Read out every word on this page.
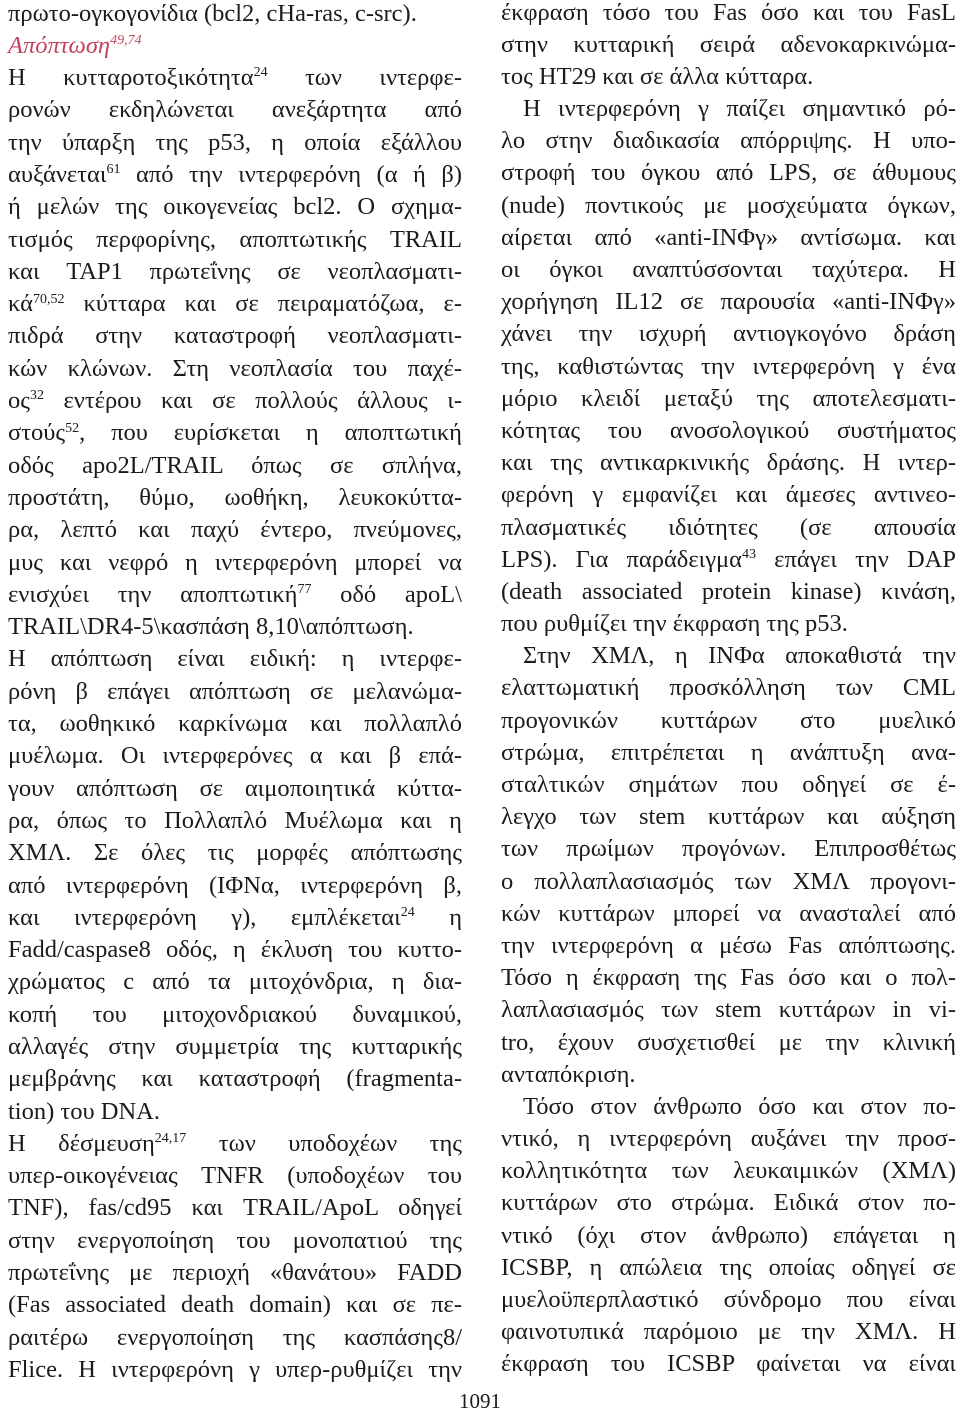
πρωτο-ογκογονίδια (bcl2, cHa-ras, c-src).
Απόπτωση$^{49,74}$
Η κυτταροτοξικότητα$^{24}$ των ιντερφε-
ρονών εκδηλώνεται ανεξάρτητα από
την ύπαρξη της p53, η οποία εξάλλου
αυξάνεται$^{61}$ από την ιντερφερόνη (α ή β)
ή μελών της οικογενείας bcl2. Ο σχημα-
τισμός περφορίνης, αποπτωτικής TRAIL
και TAP1 πρωτεΐνης σε νεοπλασματι-
κά$^{70,52}$ κύτταρα και σε πειραματόζωα, ε-
πιδρά στην καταστροφή νεοπλασματι-
κών κλώνων. Στη νεοπλασία του παχέ-
$o\varsigma^{32}$ εντέρου και σε πολλούς άλλους ι-
στούς$^{52}$, που ευρίσκεται η αποπτωτική
οδός apo2L/TRAIL όπως σε σπλήνα,
προστάτη, θύμο, ωοθήκη, λευκοκύττα-
ρα, λεπτό και παχύ έντερο, πνεύμονες,
μυς και νεφρό η ιντερφερόνη μπορεί να
ενισχύει την αποπτωτική$^{77}$ οδό apoL\
TRAIL\DR4-5\κασπάση 8,10\απόπτωση.
Η απόπτωση είναι ειδική: η ιντερφε-
ρόνη β επάγει απόπτωση σε μελανώμα-
τα, ωοθηκικό καρκίνωμα και πολλαπλό
μυέλωμα. Οι ιντερφερόνες α και β επά-
γουν απόπτωση σε αιμοποιητικά κύττα-
ρα, όπως το Πολλαπλό Μυέλωμα και η
ΧΜΛ. Σε όλες τις μορφές απόπτωσης
από ιντερφερόνη (ΙΦΝα, ιντερφερόνη β,
και ιντερφερόνη γ), εμπλέκεται$^{24}$ η
Fadd/caspase8 οδός, η έκλυση του κυττο-
χρώματος c από τα μιτοχόνδρια, η δια-
κοπή του μιτοχονδριακού δυναμικού,
αλλαγές στην συμμετρία της κυτταρικής
μεμβράνης και καταστροφή (fragmenta-
tion) του DNA.
Η δέσμευση$^{24,17}$ των υποδοχέων της
υπερ-οικογένειας TNFR (υποδοχέων του
TNF), fas/cd95 και TRAIL/ApoL οδηγεί
στην ενεργοποίηση του μονοπατιού της
πρωτεΐνης με περιοχή «θανάτου» FADD
(Fas associated death domain) και σε πε-
ραιτέρω ενεργοποίηση της κασπάσης8/
Flice. Η ιντερφερόνη γ υπερ-ρυθμίζει την
έκφραση τόσο του Fas όσο και του FasL
στην κυτταρική σειρά αδενοκαρκινώμα-
τος HT29 και σε άλλα κύτταρα.
Η ιντερφερόνη γ παίζει σημαντικό ρό-
λο στην διαδικασία απόρριψης. Η υπο-
στροφή του όγκου από LPS, σε άθυμους
(nude) ποντικούς με μοσχεύματα όγκων,
αίρεται από «anti-ΙΝΦγ» αντίσωμα. και
οι όγκοι αναπτύσσονται ταχύτερα. Η
χορήγηση IL12 σε παρουσία «anti-ΙΝΦγ»
χάνει την ισχυρή αντιογκογόνο δράση
της, καθιστώντας την ιντερφερόνη γ ένα
μόριο κλειδί μεταξύ της αποτελεσματι-
κότητας του ανοσολογικού συστήματος
και της αντικαρκινικής δράσης. Η ιντερ-
φερόνη γ εμφανίζει και άμεσες αντινεο-
πλασματικές ιδιότητες (σε απουσία
LPS). Για παράδειγμα$^{43}$ επάγει την DAP
(death associated protein kinase) κινάση,
που ρυθμίζει την έκφραση της p53.
Στην ΧΜΛ, η ΙΝΦα αποκαθιστά την
ελαττωματική προσκόλληση των CML
προγονικών κυττάρων στο μυελικό
στρώμα, επιτρέπεται η ανάπτυξη ανα-
σταλτικών σημάτων που οδηγεί σε έ-
λεγχο των stem κυττάρων και αύξηση
των πρωίμων προγόνων. Επιπροσθέτως
ο πολλαπλασιασμός των ΧΜΛ προγονι-
κών κυττάρων μπορεί να ανασταλεί από
την ιντερφερόνη α μέσω Fas απόπτωσης.
Τόσο η έκφραση της Fas όσο και ο πολ-
λαπλασιασμός των stem κυττάρων in vi-
tro, έχουν συσχετισθεί με την κλινική
ανταπόκριση.
Τόσο στον άνθρωπο όσο και στον πο-
ντικό, η ιντερφερόνη αυξάνει την προσ-
κολλητικότητα των λευκαιμικών (ΧΜΛ)
κυττάρων στο στρώμα. Ειδικά στον πο-
ντικό (όχι στον άνθρωπο) επάγεται η
ICSBP, η απώλεια της οποίας οδηγεί σε
μυελοϋπερπλαστικό σύνδρομο που είναι
φαινοτυπικά παρόμοιο με την ΧΜΛ. Η
έκφραση του ICSBP φαίνεται να είναι
1091
